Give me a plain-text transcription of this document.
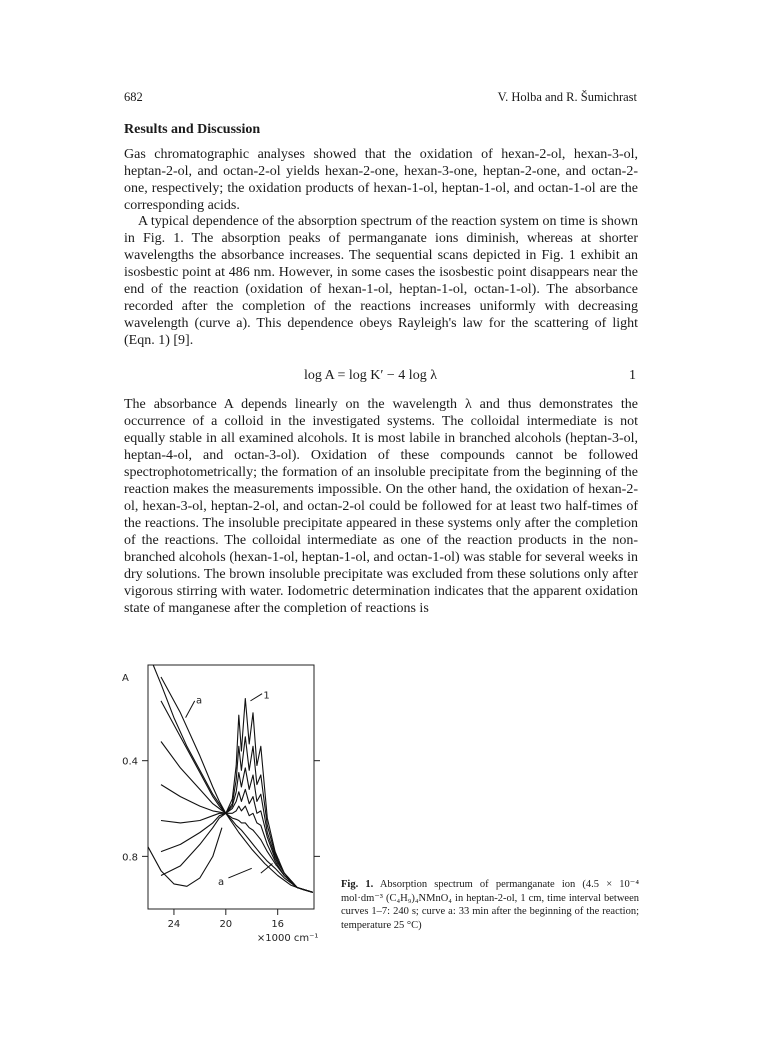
682	V. Holba and R. Šumichrast
Results and Discussion

Gas chromatographic analyses showed that the oxidation of hexan-2-ol, hexan-3-ol, heptan-2-ol, and octan-2-ol yields hexan-2-one, hexan-3-one, heptan-2-one, and octan-2-one, respectively; the oxidation products of hexan-1-ol, heptan-1-ol, and octan-1-ol are the corresponding acids.

A typical dependence of the absorption spectrum of the reaction system on time is shown in Fig. 1. The absorption peaks of permanganate ions diminish, whereas at shorter wavelengths the absorbance increases. The sequential scans depicted in Fig. 1 exhibit an isosbestic point at 486 nm. However, in some cases the isosbestic point disappears near the end of the reaction (oxidation of hexan-1-ol, heptan-1-ol, octan-1-ol). The absorbance recorded after the completion of the reactions increases uniformly with decreasing wavelength (curve a). This dependence obeys Rayleigh's law for the scattering of light (Eqn. 1) [9].

log A = log K′ − 4 log λ	1

The absorbance A depends linearly on the wavelength λ and thus demonstrates the occurrence of a colloid in the investigated systems. The colloidal intermediate is not equally stable in all examined alcohols. It is most labile in branched alcohols (heptan-3-ol, heptan-4-ol, and octan-3-ol). Oxidation of these compounds cannot be followed spectrophotometrically; the formation of an insoluble precipitate from the beginning of the reaction makes the measurements impossible. On the other hand, the oxidation of hexan-2-ol, hexan-3-ol, heptan-2-ol, and octan-2-ol could be followed for at least two half-times of the reactions. The insoluble precipitate appeared in these systems only after the completion of the reactions. The colloidal intermediate as one of the reaction products in the non-branched alcohols (hexan-1-ol, heptan-1-ol, and octan-1-ol) was stable for several weeks in dry solutions. The brown insoluble precipitate was excluded from these solutions only after vigorous stirring with water. Iodometric determination indicates that the apparent oxidation state of manganese after the completion of reactions is

0.8
0.4
A
24	20	16
×1000 cm⁻¹
a	1
a
7

Fig. 1. Absorption spectrum of permanganate ion (4.5 × 10⁻⁴ mol·dm⁻³ (C₄H₉)₄NMnO₄ in heptan-2-ol, 1 cm, time interval between curves 1–7: 240 s; curve a: 33 min after the beginning of the reaction; temperature 25 °C)
